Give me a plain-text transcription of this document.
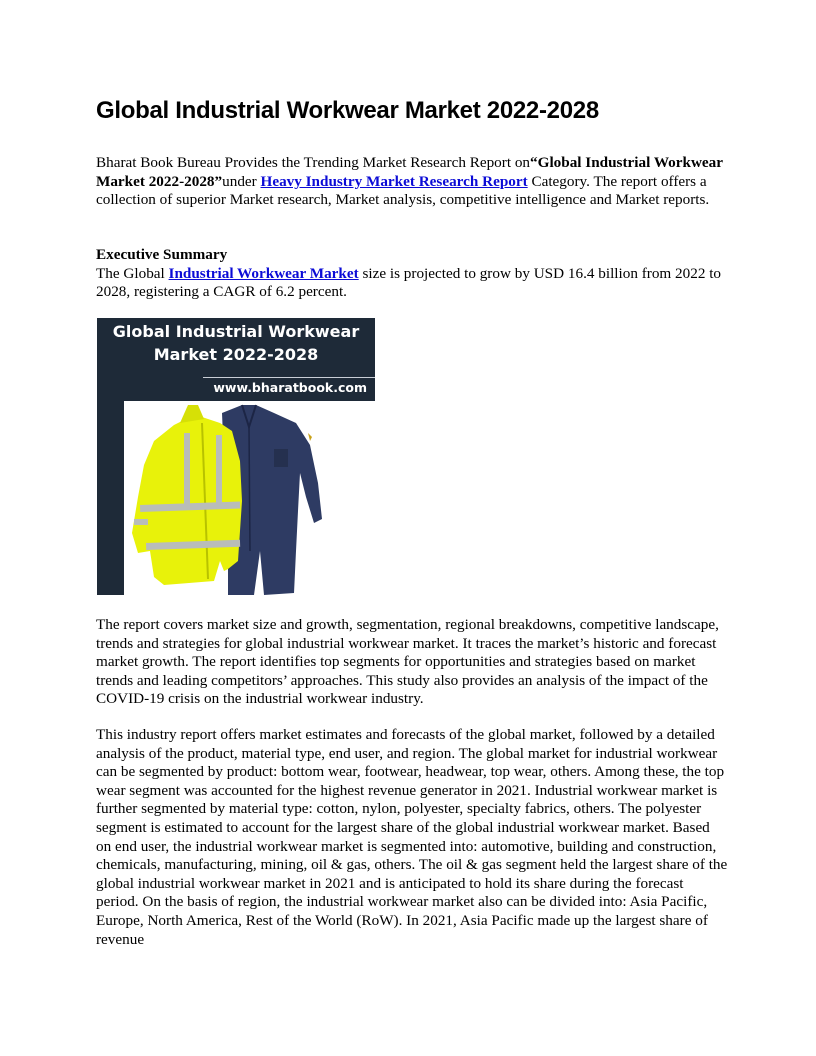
Global Industrial Workwear Market 2022-2028

Bharat Book Bureau Provides the Trending Market Research Report on“Global Industrial Workwear Market 2022-2028”under Heavy Industry Market Research Report Category. The report offers a collection of superior Market research, Market analysis, competitive intelligence and Market reports.

Executive Summary
The Global Industrial Workwear Market size is projected to grow by USD 16.4 billion from 2022 to 2028, registering a CAGR of 6.2 percent.

Global Industrial Workwear
Market 2022-2028
www.bharatbook.com

The report covers market size and growth, segmentation, regional breakdowns, competitive landscape, trends and strategies for global industrial workwear market. It traces the market’s historic and forecast market growth. The report identifies top segments for opportunities and strategies based on market trends and leading competitors’ approaches. This study also provides an analysis of the impact of the COVID-19 crisis on the industrial workwear industry.

This industry report offers market estimates and forecasts of the global market, followed by a detailed analysis of the product, material type, end user, and region. The global market for industrial workwear can be segmented by product: bottom wear, footwear, headwear, top wear, others. Among these, the top wear segment was accounted for the highest revenue generator in 2021. Industrial workwear market is further segmented by material type: cotton, nylon, polyester, specialty fabrics, others. The polyester segment is estimated to account for the largest share of the global industrial workwear market. Based on end user, the industrial workwear market is segmented into: automotive, building and construction, chemicals, manufacturing, mining, oil & gas, others. The oil & gas segment held the largest share of the global industrial workwear market in 2021 and is anticipated to hold its share during the forecast period. On the basis of region, the industrial workwear market also can be divided into: Asia Pacific, Europe, North America, Rest of the World (RoW). In 2021, Asia Pacific made up the largest share of revenue
